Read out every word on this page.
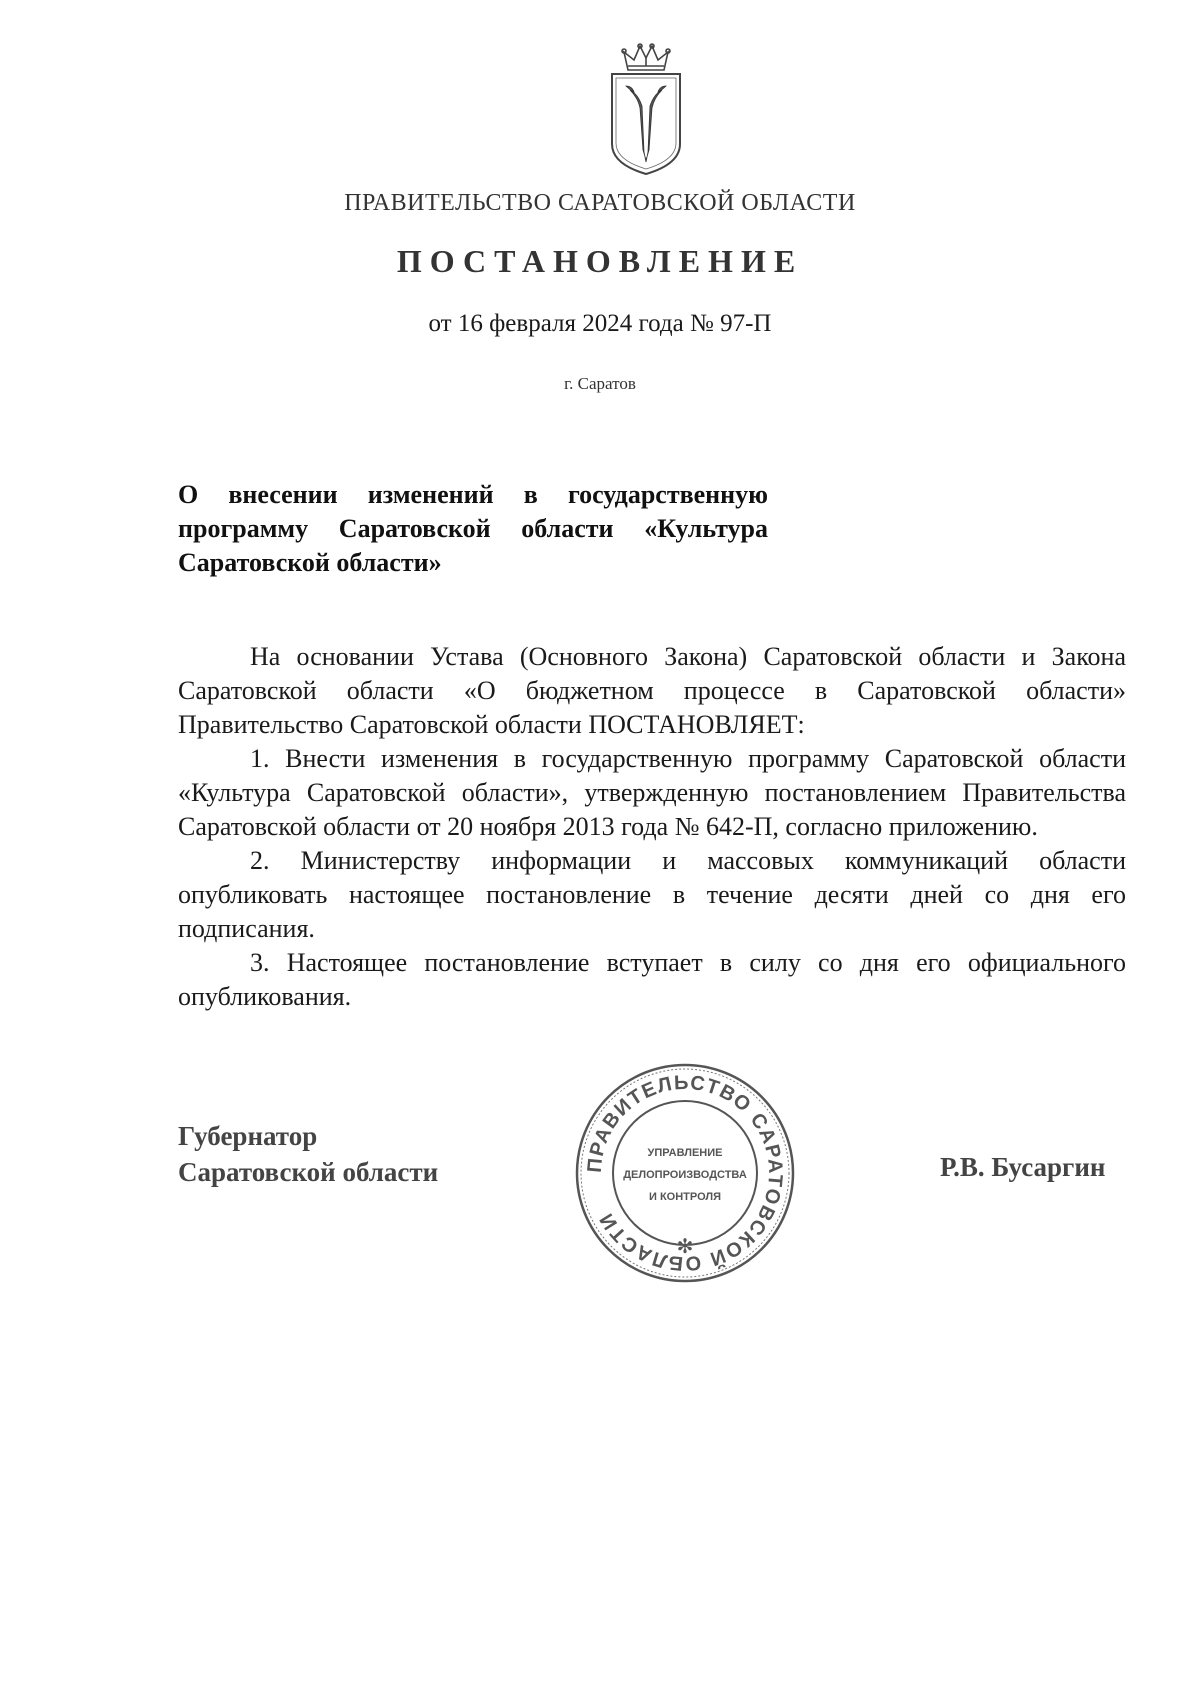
ПРАВИТЕЛЬСТВО САРАТОВСКОЙ ОБЛАСТИ
ПОСТАНОВЛЕНИЕ
от 16 февраля 2024 года № 97-П
г. Саратов
О внесении изменений в государственную
программу Саратовской области «Культура
Саратовской области»

На основании Устава (Основного Закона) Саратовской области и Закона Саратовской области «О бюджетном процессе в Саратовской области» Правительство Саратовской области ПОСТАНОВЛЯЕТ:

1. Внести изменения в государственную программу Саратовской области «Культура Саратовской области», утвержденную постановлением Правительства Саратовской области от 20 ноября 2013 года № 642-П, согласно приложению.

2. Министерству информации и массовых коммуникаций области опубликовать настоящее постановление в течение десяти дней со дня его подписания.

3. Настоящее постановление вступает в силу со дня его официального опубликования.

Губернатор
Саратовской области	ПРАВИТЕЛЬСТВО САРАТОВСКОЙ ОБЛАСТИ
УПРАВЛЕНИЕ
ДЕЛОПРОИЗВОДСТВА
И КОНТРОЛЯ
✻
Р.В. Бусаргин
